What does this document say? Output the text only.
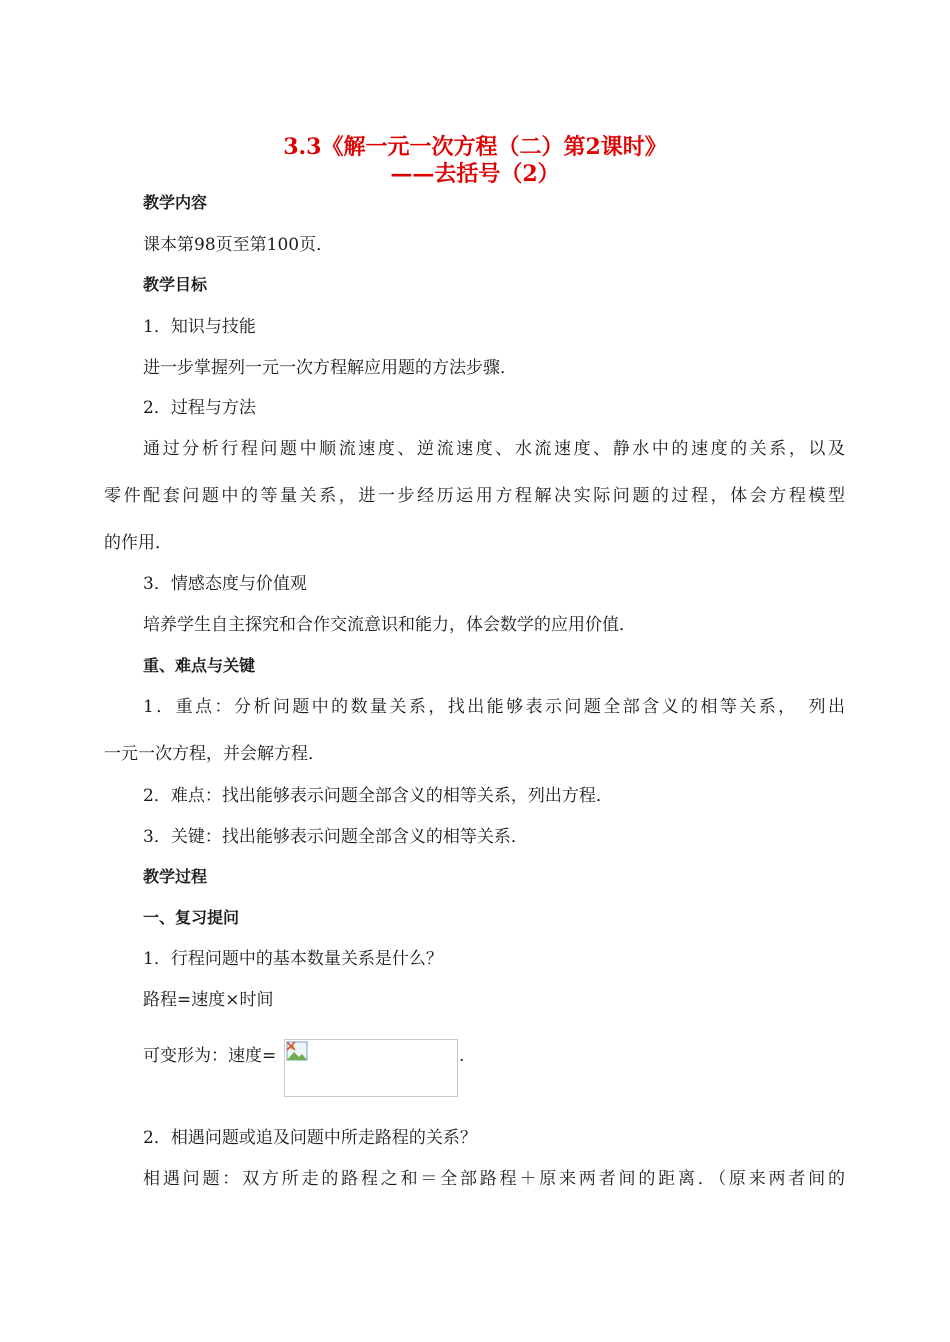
3.3《解一元一次方程（二）第2课时》
——去括号（2）
教学内容
课本第98页至第100页．
教学目标
1．知识与技能
进一步掌握列一元一次方程解应用题的方法步骤．
2．过程与方法
通过分析行程问题中顺流速度、逆流速度、水流速度、静水中的速度的关系，以及
零件配套问题中的等量关系，进一步经历运用方程解决实际问题的过程，体会方程模型
的作用．
3．情感态度与价值观
培养学生自主探究和合作交流意识和能力，体会数学的应用价值．
重、难点与关键
1．重点：分析问题中的数量关系，找出能够表示问题全部含义的相等关系，　列出
一元一次方程，并会解方程．
2．难点：找出能够表示问题全部含义的相等关系，列出方程．
3．关键：找出能够表示问题全部含义的相等关系．
教学过程
一、复习提问
1．行程问题中的基本数量关系是什么？
路程=速度×时间
可变形为：速度=	.
2．相遇问题或追及问题中所走路程的关系？
相遇问题：双方所走的路程之和＝全部路程＋原来两者间的距离．（原来两者间的
